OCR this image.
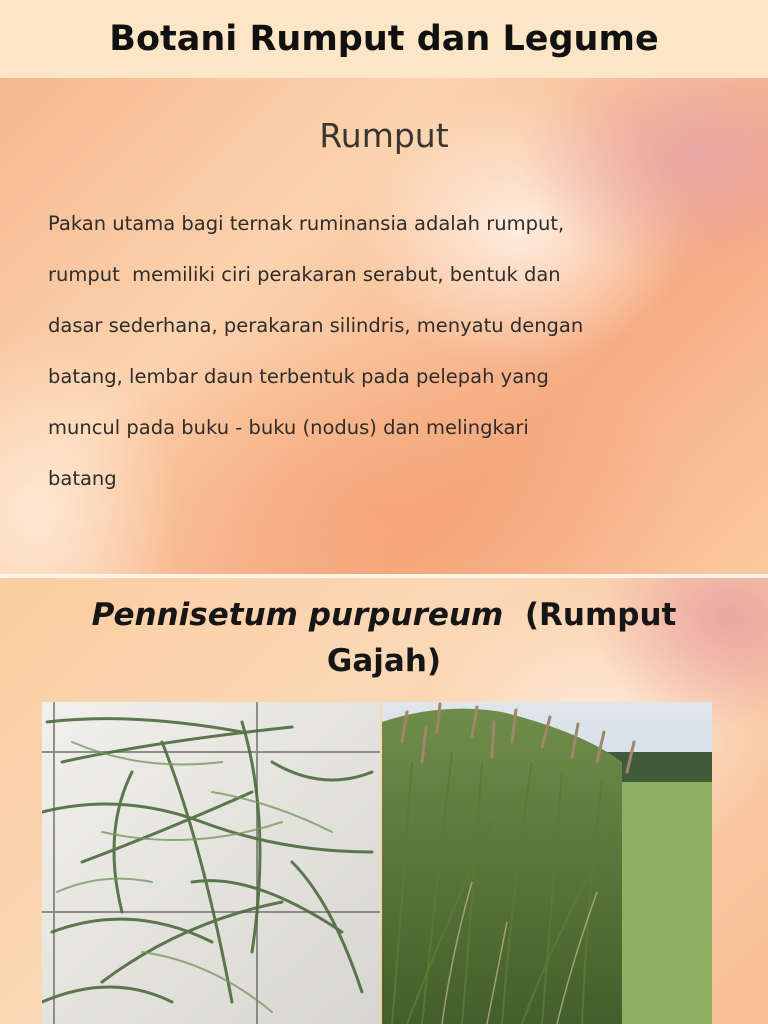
Botani Rumput dan Legume
Rumput
Pakan utama bagi ternak ruminansia adalah rumput,
rumput  memiliki ciri perakaran serabut, bentuk dan
dasar sederhana, perakaran silindris, menyatu dengan
batang, lembar daun terbentuk pada pelepah yang
muncul pada buku - buku (nodus) dan melingkari
batang
Pennisetum purpureum (Rumput Gajah)
